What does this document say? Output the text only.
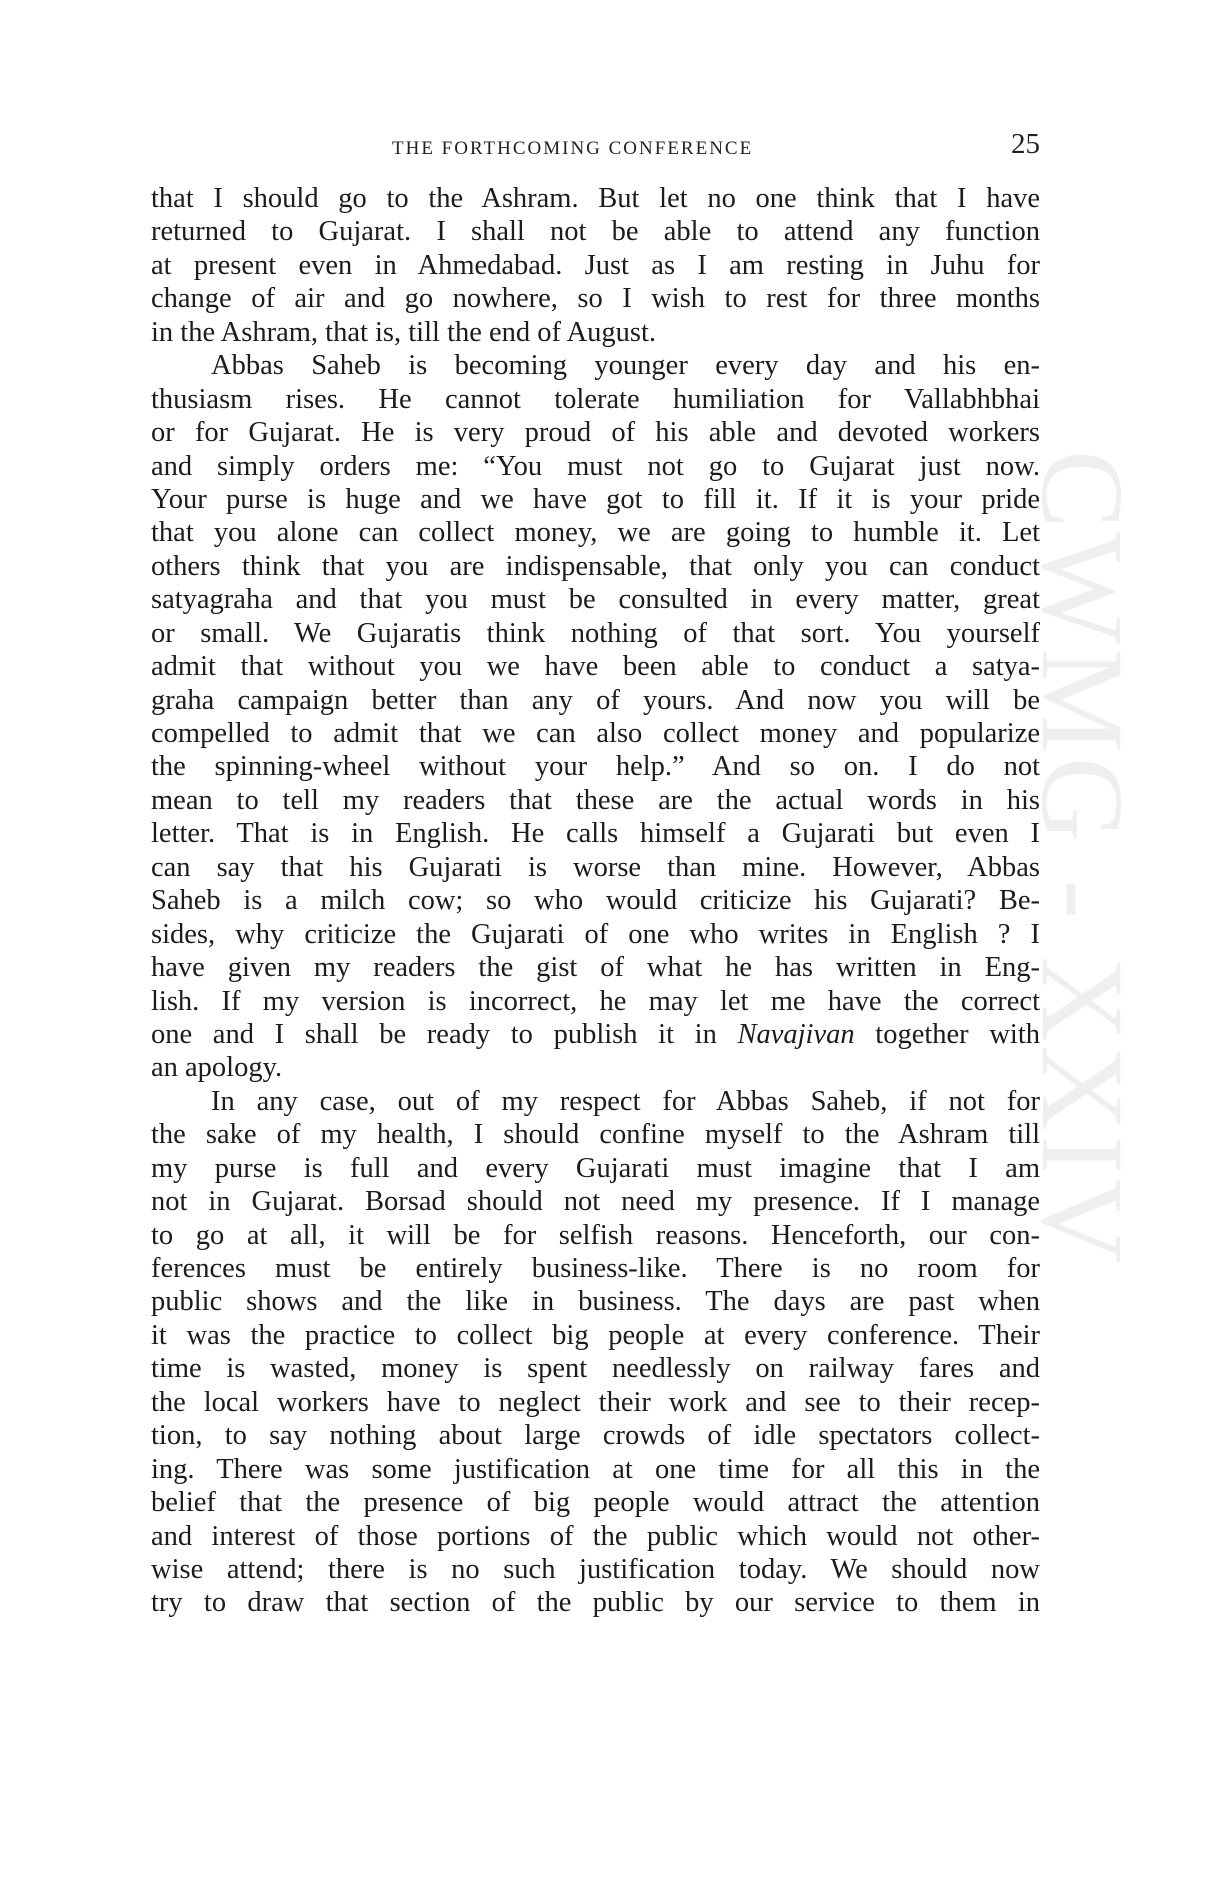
CWMG - XXIV
THE FORTHCOMING CONFERENCE	25
that I should go to the Ashram. But let no one think that I have
returned to Gujarat. I shall not be able to attend any function
at present even in Ahmedabad. Just as I am resting in Juhu for
change of air and go nowhere, so I wish to rest for three months
in the Ashram, that is, till the end of August.
Abbas Saheb is becoming younger every day and his en-
thusiasm rises. He cannot tolerate humiliation for Vallabhbhai
or for Gujarat. He is very proud of his able and devoted workers
and simply orders me: “You must not go to Gujarat just now.
Your purse is huge and we have got to fill it. If it is your pride
that you alone can collect money, we are going to humble it. Let
others think that you are indispensable, that only you can conduct
satyagraha and that you must be consulted in every matter, great
or small. We Gujaratis think nothing of that sort. You yourself
admit that without you we have been able to conduct a satya-
graha campaign better than any of yours. And now you will be
compelled to admit that we can also collect money and popularize
the spinning-wheel without your help.” And so on. I do not
mean to tell my readers that these are the actual words in his
letter. That is in English. He calls himself a Gujarati but even I
can say that his Gujarati is worse than mine. However, Abbas
Saheb is a milch cow; so who would criticize his Gujarati? Be-
sides, why criticize the Gujarati of one who writes in English ? I
have given my readers the gist of what he has written in Eng-
lish. If my version is incorrect, he may let me have the correct
one and I shall be ready to publish it in Navajivan together with
an apology.
In any case, out of my respect for Abbas Saheb, if not for
the sake of my health, I should confine myself to the Ashram till
my purse is full and every Gujarati must imagine that I am
not in Gujarat. Borsad should not need my presence. If I manage
to go at all, it will be for selfish reasons. Henceforth, our con-
ferences must be entirely business-like. There is no room for
public shows and the like in business. The days are past when
it was the practice to collect big people at every conference. Their
time is wasted, money is spent needlessly on railway fares and
the local workers have to neglect their work and see to their recep-
tion, to say nothing about large crowds of idle spectators collect-
ing. There was some justification at one time for all this in the
belief that the presence of big people would attract the attention
and interest of those portions of the public which would not other-
wise attend; there is no such justification today. We should now
try to draw that section of the public by our service to them in
